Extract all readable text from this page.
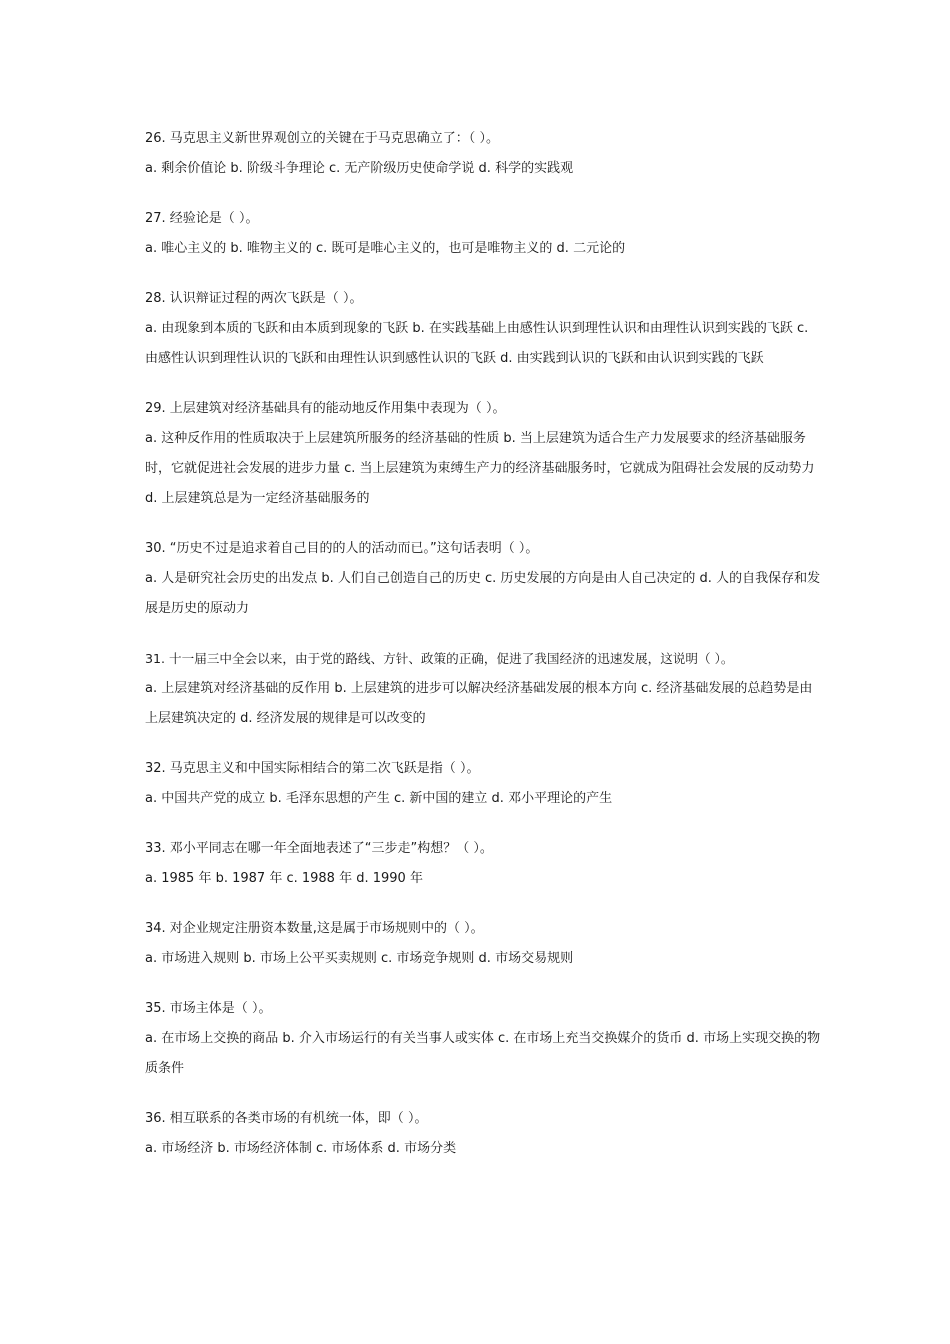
26. 马克思主义新世界观创立的关键在于马克思确立了：（ ）。

a. 剩余价值论 b. 阶级斗争理论 c. 无产阶级历史使命学说 d. 科学的实践观

27. 经验论是（ ）。

a. 唯心主义的 b. 唯物主义的 c. 既可是唯心主义的，也可是唯物主义的 d. 二元论的

28. 认识辩证过程的两次飞跃是（ ）。

a. 由现象到本质的飞跃和由本质到现象的飞跃 b. 在实践基础上由感性认识到理性认识和由理性认识到实践的飞跃 c. 由感性认识到理性认识的飞跃和由理性认识到感性认识的飞跃 d. 由实践到认识的飞跃和由认识到实践的飞跃

29. 上层建筑对经济基础具有的能动地反作用集中表现为（ ）。

a. 这种反作用的性质取决于上层建筑所服务的经济基础的性质 b. 当上层建筑为适合生产力发展要求的经济基础服务时，它就促进社会发展的进步力量 c. 当上层建筑为束缚生产力的经济基础服务时，它就成为阻碍社会发展的反动势力 d. 上层建筑总是为一定经济基础服务的

30. “历史不过是追求着自己目的的人的活动而已。”这句话表明（ ）。

a. 人是研究社会历史的出发点 b. 人们自己创造自己的历史 c. 历史发展的方向是由人自己决定的 d. 人的自我保存和发展是历史的原动力

31. 十一届三中全会以来，由于党的路线、方针、政策的正确，促进了我国经济的迅速发展，这说明（ ）。

a. 上层建筑对经济基础的反作用 b. 上层建筑的进步可以解决经济基础发展的根本方向 c. 经济基础发展的总趋势是由上层建筑决定的 d. 经济发展的规律是可以改变的

32. 马克思主义和中国实际相结合的第二次飞跃是指（ ）。

a. 中国共产党的成立 b. 毛泽东思想的产生 c. 新中国的建立 d. 邓小平理论的产生

33. 邓小平同志在哪一年全面地表述了“三步走”构想？（ ）。

a. 1985 年 b. 1987 年 c. 1988 年 d. 1990 年

34. 对企业规定注册资本数量,这是属于市场规则中的（ ）。

a. 市场进入规则 b. 市场上公平买卖规则 c. 市场竞争规则 d. 市场交易规则

35. 市场主体是（ ）。

a. 在市场上交换的商品 b. 介入市场运行的有关当事人或实体 c. 在市场上充当交换媒介的货币 d. 市场上实现交换的物质条件

36. 相互联系的各类市场的有机统一体，即（ ）。

a. 市场经济 b. 市场经济体制 c. 市场体系 d. 市场分类
